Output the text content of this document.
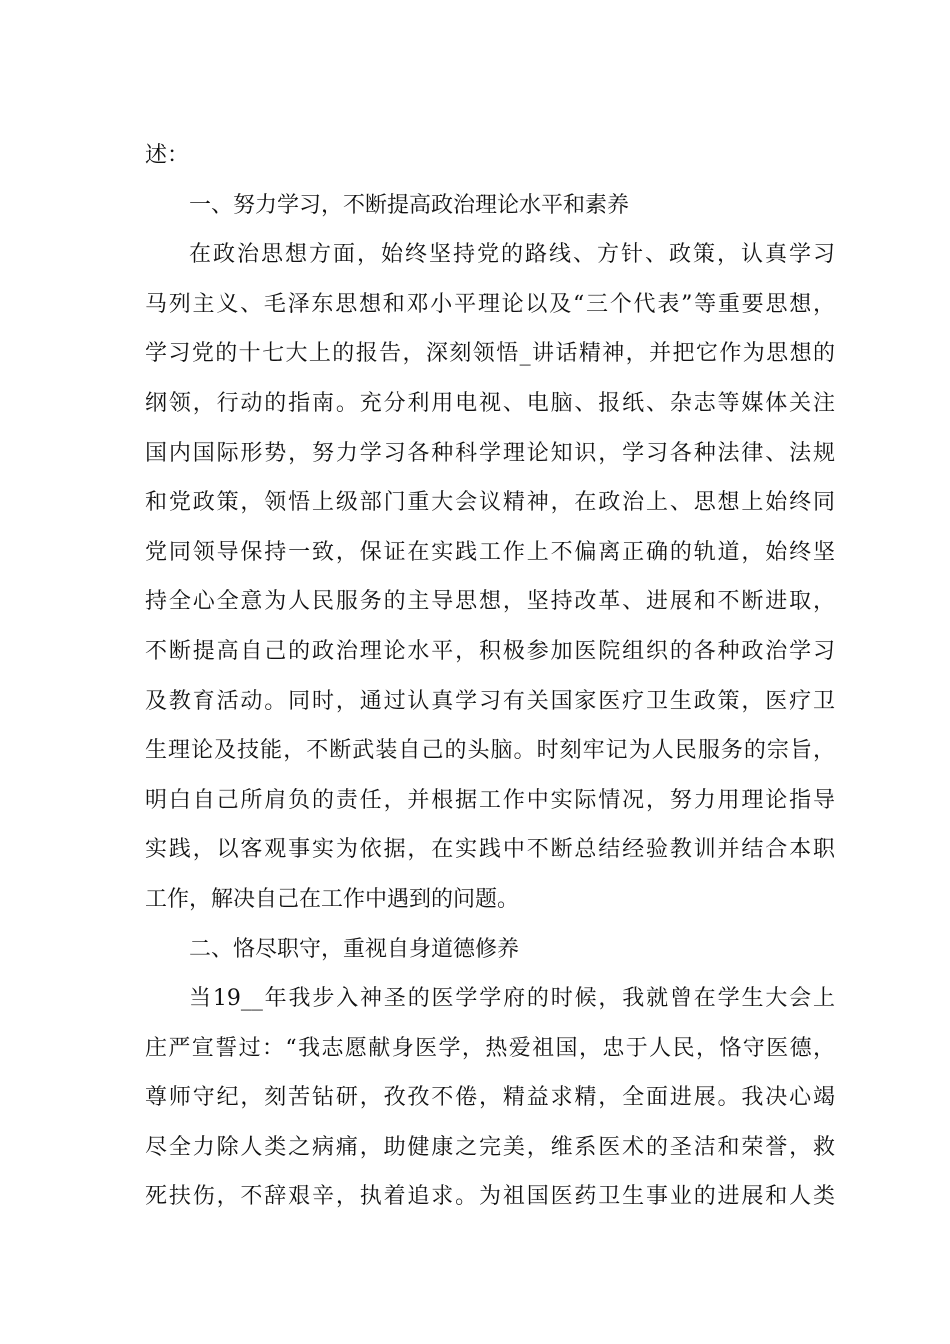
述：
一、努力学习，不断提高政治理论水平和素养
在政治思想方面，始终坚持党的路线、方针、政策，认真学习
马列主义、毛泽东思想和邓小平理论以及“三个代表”等重要思想，
学习党的十七大上的报告，深刻领悟_讲话精神，并把它作为思想的
纲领，行动的指南。充分利用电视、电脑、报纸、杂志等媒体关注
国内国际形势，努力学习各种科学理论知识，学习各种法律、法规
和党政策，领悟上级部门重大会议精神，在政治上、思想上始终同
党同领导保持一致，保证在实践工作上不偏离正确的轨道，始终坚
持全心全意为人民服务的主导思想，坚持改革、进展和不断进取，
不断提高自己的政治理论水平，积极参加医院组织的各种政治学习
及教育活动。同时，通过认真学习有关国家医疗卫生政策，医疗卫
生理论及技能，不断武装自己的头脑。时刻牢记为人民服务的宗旨，
明白自己所肩负的责任，并根据工作中实际情况，努力用理论指导
实践，以客观事实为依据，在实践中不断总结经验教训并结合本职
工作，解决自己在工作中遇到的问题。
二、恪尽职守，重视自身道德修养
当19__年我步入神圣的医学学府的时候，我就曾在学生大会上
庄严宣誓过：“我志愿献身医学，热爱祖国，忠于人民，恪守医德，
尊师守纪，刻苦钻研，孜孜不倦，精益求精，全面进展。我决心竭
尽全力除人类之病痛，助健康之完美，维系医术的圣洁和荣誉，救
死扶伤，不辞艰辛，执着追求。为祖国医药卫生事业的进展和人类
